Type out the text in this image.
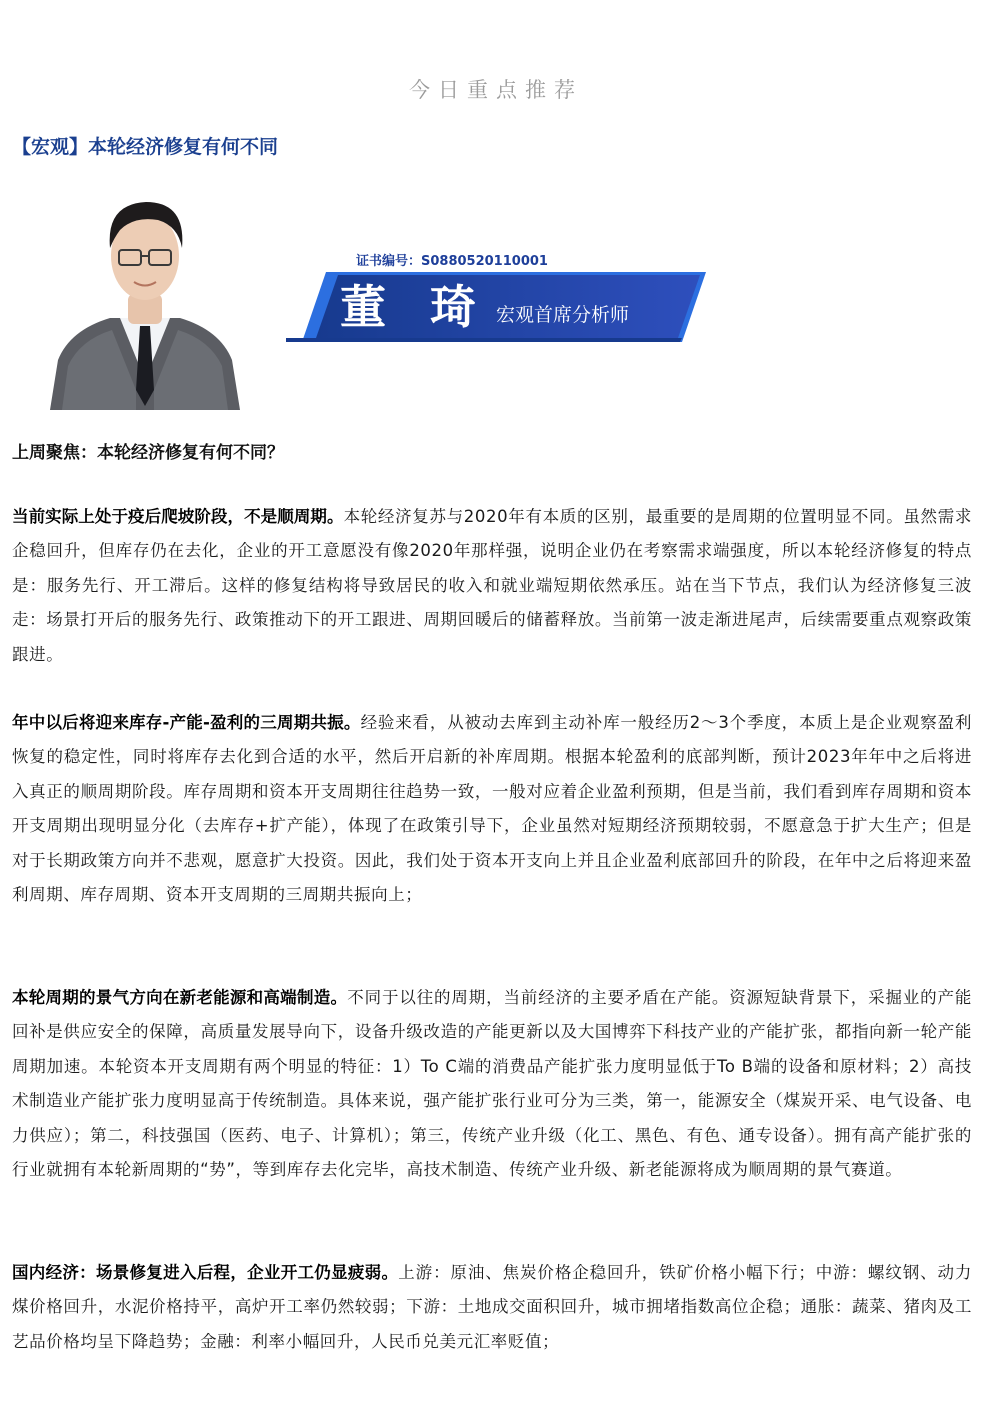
今日重点推荐
【宏观】本轮经济修复有何不同
证书编号：S0880520110001
董 琦 宏观首席分析师
上周聚焦：本轮经济修复有何不同？
当前实际上处于疫后爬坡阶段，不是顺周期。本轮经济复苏与2020年有本质的区别，最重要的是周期的位置明显不同。虽然需求企稳回升，但库存仍在去化，企业的开工意愿没有像2020年那样强，说明企业仍在考察需求端强度，所以本轮经济修复的特点是：服务先行、开工滞后。这样的修复结构将导致居民的收入和就业端短期依然承压。站在当下节点，我们认为经济修复三波走：场景打开后的服务先行、政策推动下的开工跟进、周期回暖后的储蓄释放。当前第一波走渐进尾声，后续需要重点观察政策跟进。
年中以后将迎来库存-产能-盈利的三周期共振。经验来看，从被动去库到主动补库一般经历2～3个季度，本质上是企业观察盈利恢复的稳定性，同时将库存去化到合适的水平，然后开启新的补库周期。根据本轮盈利的底部判断，预计2023年年中之后将进入真正的顺周期阶段。库存周期和资本开支周期往往趋势一致，一般对应着企业盈利预期，但是当前，我们看到库存周期和资本开支周期出现明显分化（去库存+扩产能），体现了在政策引导下，企业虽然对短期经济预期较弱，不愿意急于扩大生产；但是对于长期政策方向并不悲观，愿意扩大投资。因此，我们处于资本开支向上并且企业盈利底部回升的阶段，在年中之后将迎来盈利周期、库存周期、资本开支周期的三周期共振向上；
本轮周期的景气方向在新老能源和高端制造。不同于以往的周期，当前经济的主要矛盾在产能。资源短缺背景下，采掘业的产能回补是供应安全的保障，高质量发展导向下，设备升级改造的产能更新以及大国博弈下科技产业的产能扩张，都指向新一轮产能周期加速。本轮资本开支周期有两个明显的特征：1）To C端的消费品产能扩张力度明显低于To B端的设备和原材料；2）高技术制造业产能扩张力度明显高于传统制造。具体来说，强产能扩张行业可分为三类，第一，能源安全（煤炭开采、电气设备、电力供应）；第二，科技强国（医药、电子、计算机）；第三，传统产业升级（化工、黑色、有色、通专设备）。拥有高产能扩张的行业就拥有本轮新周期的“势”，等到库存去化完毕，高技术制造、传统产业升级、新老能源将成为顺周期的景气赛道。
国内经济：场景修复进入后程，企业开工仍显疲弱。上游：原油、焦炭价格企稳回升，铁矿价格小幅下行；中游：螺纹钢、动力煤价格回升，水泥价格持平，高炉开工率仍然较弱；下游：土地成交面积回升，城市拥堵指数高位企稳；通胀：蔬菜、猪肉及工艺品价格均呈下降趋势；金融：利率小幅回升，人民币兑美元汇率贬值；
